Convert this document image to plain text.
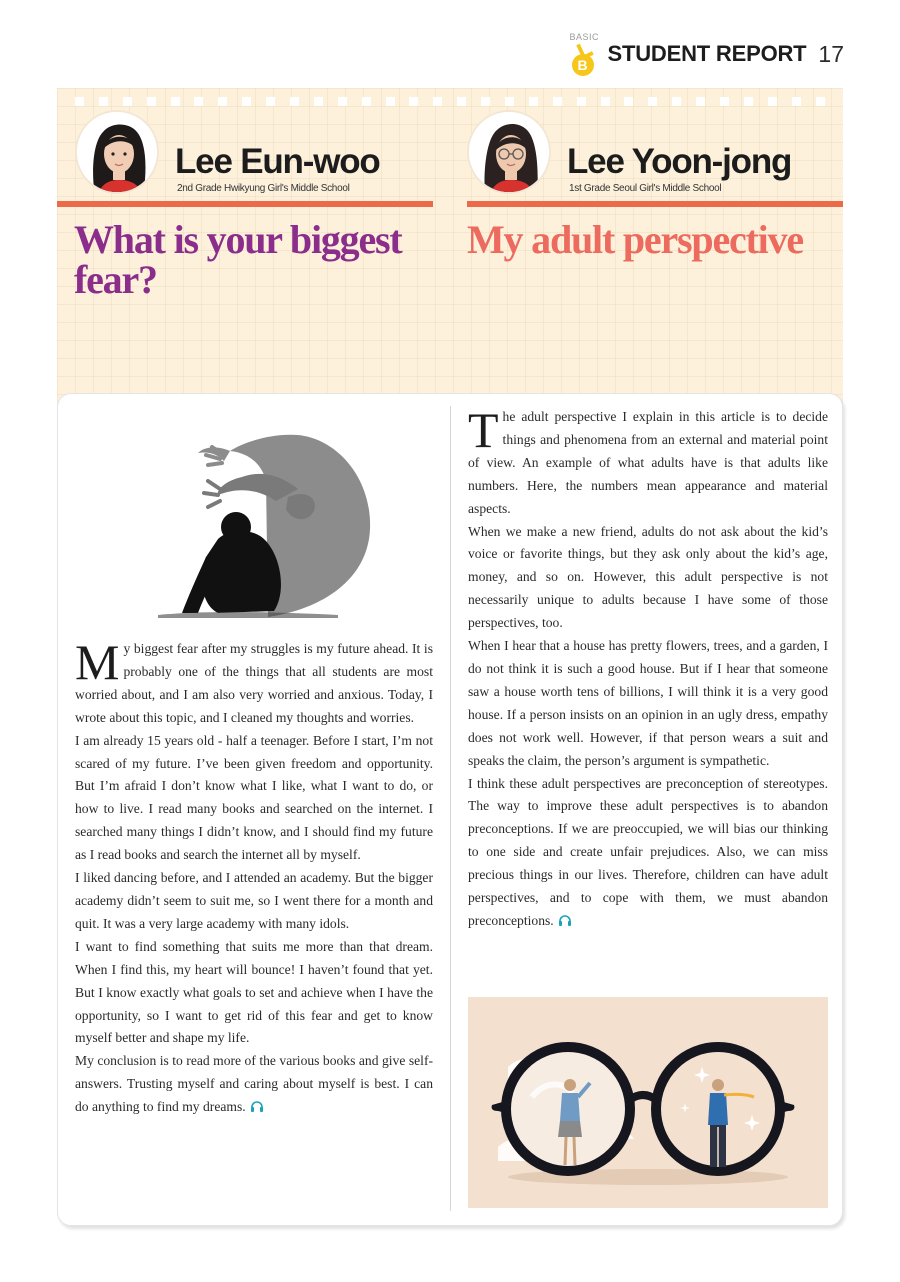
BASIC
B STUDENT REPORT 17
Lee Eun-woo
2nd Grade Hwikyung Girl's Middle School
Lee Yoon-jong
1st Grade Seoul Girl's Middle School
What is your biggest fear?
My adult perspective

My biggest fear after my struggles is my future ahead. It is probably one of the things that all students are most worried about, and I am also very worried and anxious. Today, I wrote about this topic, and I cleaned my thoughts and worries.

I am already 15 years old - half a teenager. Before I start, I’m not scared of my future. I’ve been given freedom and opportunity. But I’m afraid I don’t know what I like, what I want to do, or how to live. I read many books and searched on the internet. I searched many things I didn’t know, and I should find my future as I read books and search the internet all by myself.

I liked dancing before, and I attended an academy. But the bigger academy didn’t seem to suit me, so I went there for a month and quit. It was a very large academy with many idols.

I want to find something that suits me more than that dream. When I find this, my heart will bounce! I haven’t found that yet. But I know exactly what goals to set and achieve when I have the opportunity, so I want to get rid of this fear and get to know myself better and shape my life.

My conclusion is to read more of the various books and give self-answers. Trusting myself and caring about myself is best. I can do anything to find my dreams.

The adult perspective I explain in this article is to decide things and phenomena from an external and material point of view. An example of what adults have is that adults like numbers. Here, the numbers mean appearance and material aspects.

When we make a new friend, adults do not ask about the kid’s voice or favorite things, but they ask only about the kid’s age, money, and so on. However, this adult perspective is not necessarily unique to adults because I have some of those perspectives, too.

When I hear that a house has pretty flowers, trees, and a garden, I do not think it is such a good house. But if I hear that someone saw a house worth tens of billions, I will think it is a very good house. If a person insists on an opinion in an ugly dress, empathy does not work well. However, if that person wears a suit and speaks the claim, the person’s argument is sympathetic.

I think these adult perspectives are preconception of stereotypes. The way to improve these adult perspectives is to abandon preconceptions. If we are preoccupied, we will bias our thinking to one side and create unfair prejudices. Also, we can miss precious things in our lives. Therefore, children can have adult perspectives, and to cope with them, we must abandon preconceptions.
